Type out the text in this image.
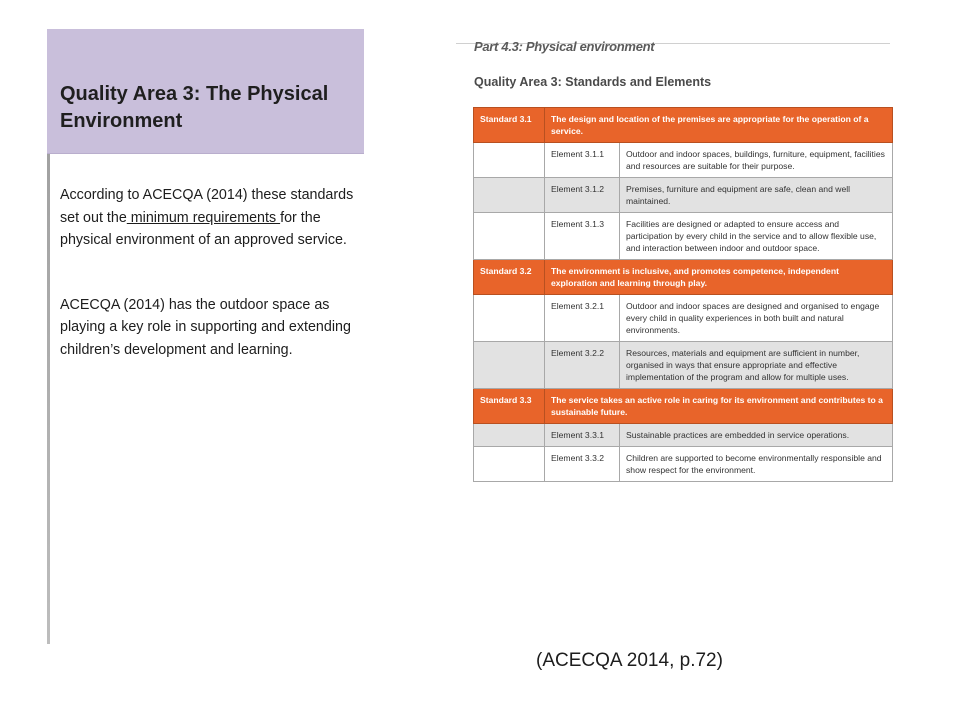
Quality Area 3: The Physical Environment

According to ACECQA (2014) these standards set out the minimum requirements for the physical environment of an approved service.

ACECQA (2014) has the outdoor space as playing a key role in supporting and extending children’s development and learning.

Part 4.3: Physical environment
Quality Area 3: Standards and Elements
Standard 3.1	The design and location of the premises are appropriate for the operation of a service.	
	Element 3.1.1	Outdoor and indoor spaces, buildings, furniture, equipment, facilities and resources are suitable for their purpose.
	Element 3.1.2	Premises, furniture and equipment are safe, clean and well maintained.
	Element 3.1.3	Facilities are designed or adapted to ensure access and participation by every child in the service and to allow flexible use, and interaction between indoor and outdoor space.
Standard 3.2	The environment is inclusive, and promotes competence, independent exploration and learning through play.	
	Element 3.2.1	Outdoor and indoor spaces are designed and organised to engage every child in quality experiences in both built and natural environments.
	Element 3.2.2	Resources, materials and equipment are sufficient in number, organised in ways that ensure appropriate and effective implementation of the program and allow for multiple uses.
Standard 3.3	The service takes an active role in caring for its environment and contributes to a sustainable future.	
	Element 3.3.1	Sustainable practices are embedded in service operations.
	Element 3.3.2	Children are supported to become environmentally responsible and show respect for the environment.
(ACECQA 2014, p.72)
